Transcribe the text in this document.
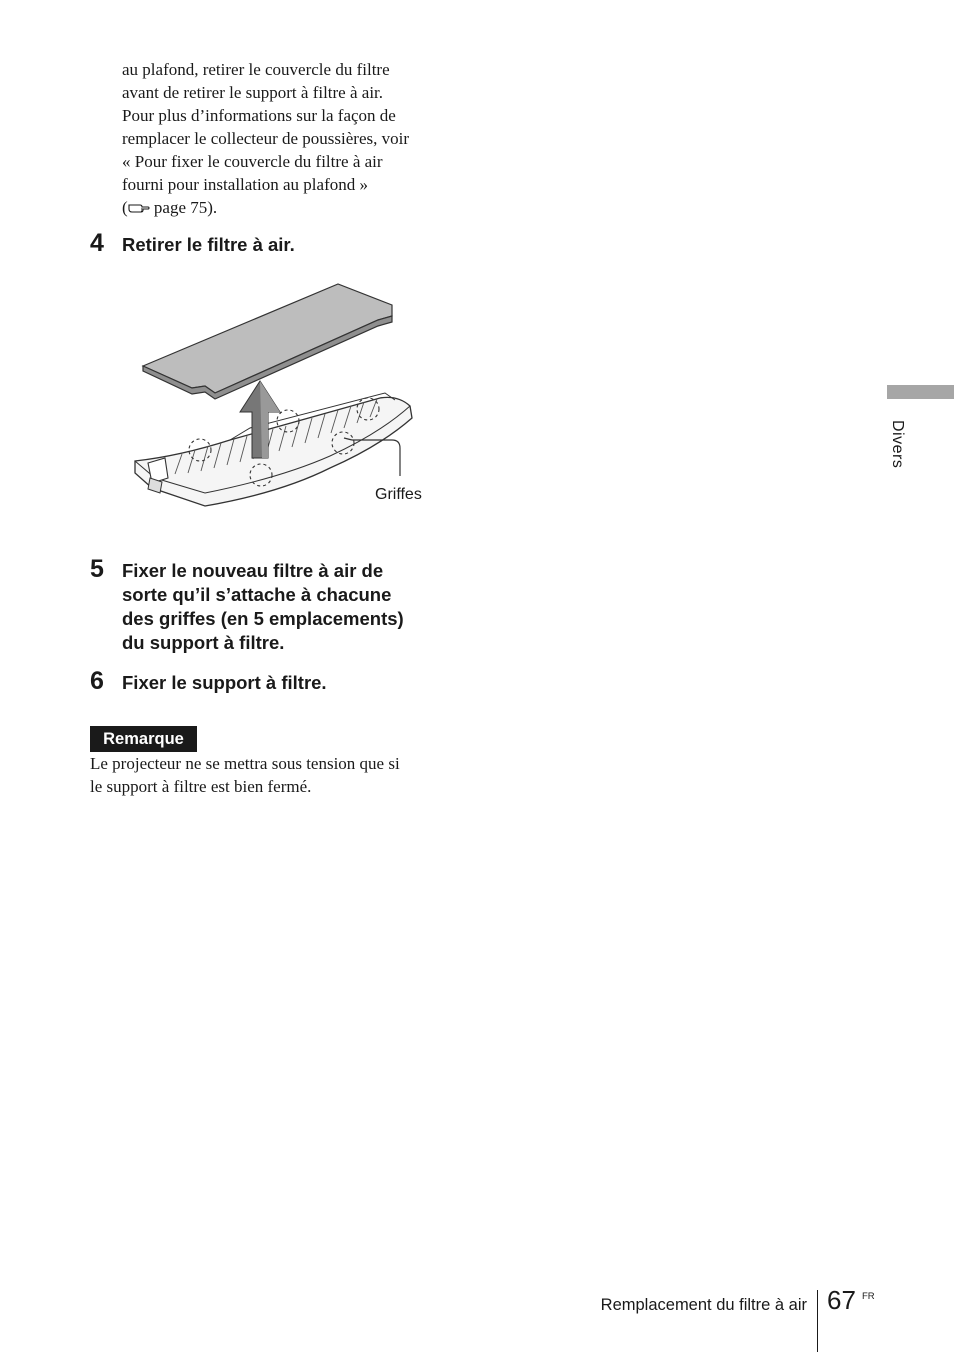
au plafond, retirer le couvercle du filtre
avant de retirer le support à filtre à air.
Pour plus d’informations sur la façon de
remplacer le collecteur de poussières, voir
« Pour fixer le couvercle du filtre à air
fourni pour installation au plafond »
( page 75).
4 Retirer le filtre à air.
Griffes
5 Fixer le nouveau filtre à air de
sorte qu’il s’attache à chacune
des griffes (en 5 emplacements)
du support à filtre.
6 Fixer le support à filtre.
Remarque
Le projecteur ne se mettra sous tension que si
le support à filtre est bien fermé.
Divers
Remplacement du filtre à air 67 FR
